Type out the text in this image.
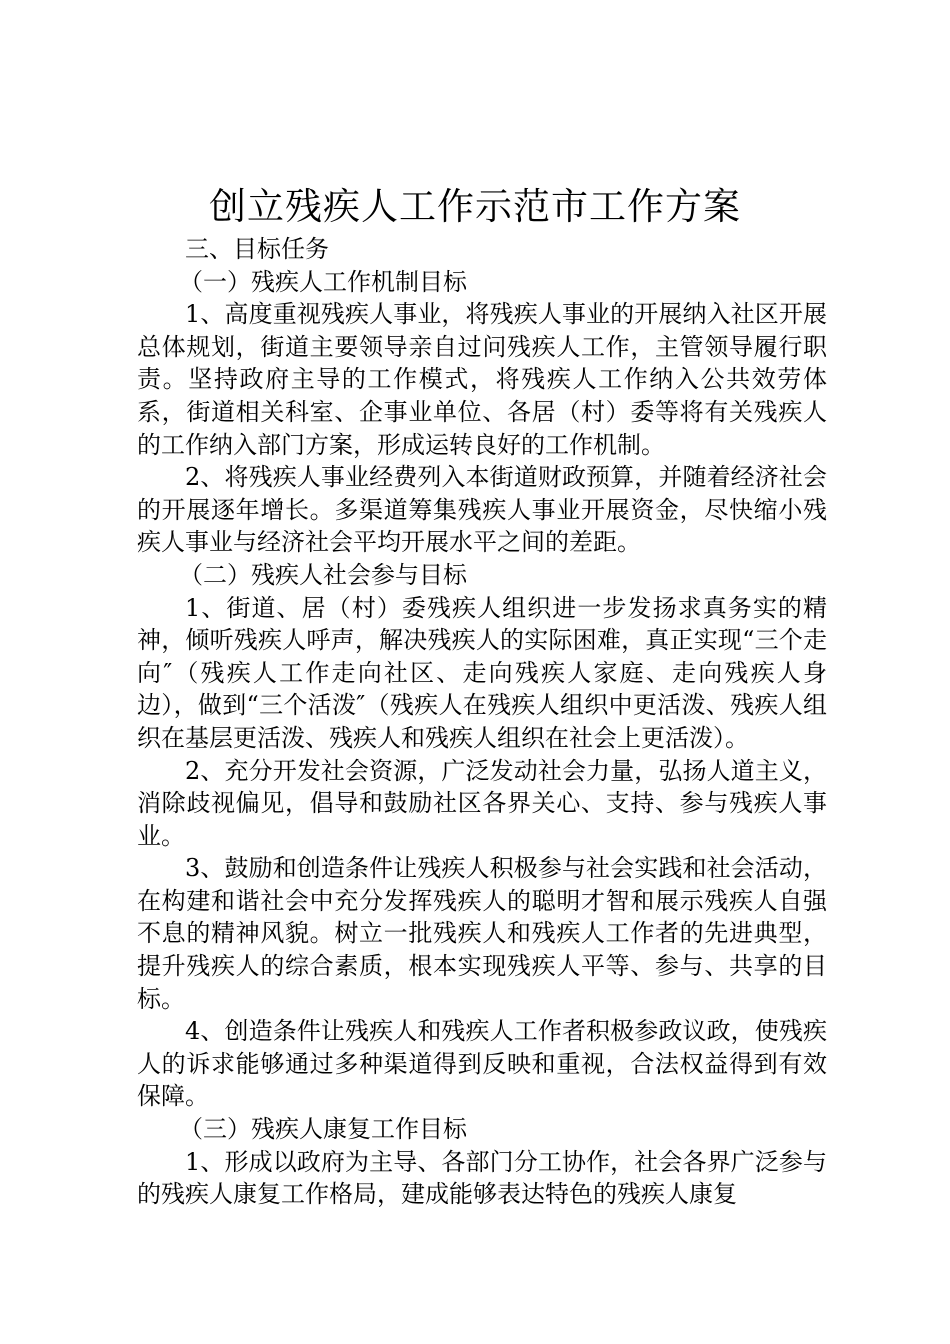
创立残疾人工作示范市工作方案

三、目标任务

（一）残疾人工作机制目标

1、高度重视残疾人事业，将残疾人事业的开展纳入社区开展总体规划，街道主要领导亲自过问残疾人工作，主管领导履行职责。坚持政府主导的工作模式，将残疾人工作纳入公共效劳体系，街道相关科室、企事业单位、各居（村）委等将有关残疾人的工作纳入部门方案，形成运转良好的工作机制。

2、将残疾人事业经费列入本街道财政预算，并随着经济社会的开展逐年增长。多渠道筹集残疾人事业开展资金，尽快缩小残疾人事业与经济社会平均开展水平之间的差距。

（二）残疾人社会参与目标

1、街道、居（村）委残疾人组织进一步发扬求真务实的精神，倾听残疾人呼声，解决残疾人的实际困难，真正实现“三个走向″（残疾人工作走向社区、走向残疾人家庭、走向残疾人身边），做到“三个活泼″（残疾人在残疾人组织中更活泼、残疾人组织在基层更活泼、残疾人和残疾人组织在社会上更活泼）。

2、充分开发社会资源，广泛发动社会力量，弘扬人道主义，消除歧视偏见，倡导和鼓励社区各界关心、支持、参与残疾人事业。

3、鼓励和创造条件让残疾人积极参与社会实践和社会活动，在构建和谐社会中充分发挥残疾人的聪明才智和展示残疾人自强不息的精神风貌。树立一批残疾人和残疾人工作者的先进典型，提升残疾人的综合素质，根本实现残疾人平等、参与、共享的目标。

4、创造条件让残疾人和残疾人工作者积极参政议政，使残疾人的诉求能够通过多种渠道得到反映和重视，合法权益得到有效保障。

（三）残疾人康复工作目标

1、形成以政府为主导、各部门分工协作，社会各界广泛参与的残疾人康复工作格局，建成能够表达特色的残疾人康复
